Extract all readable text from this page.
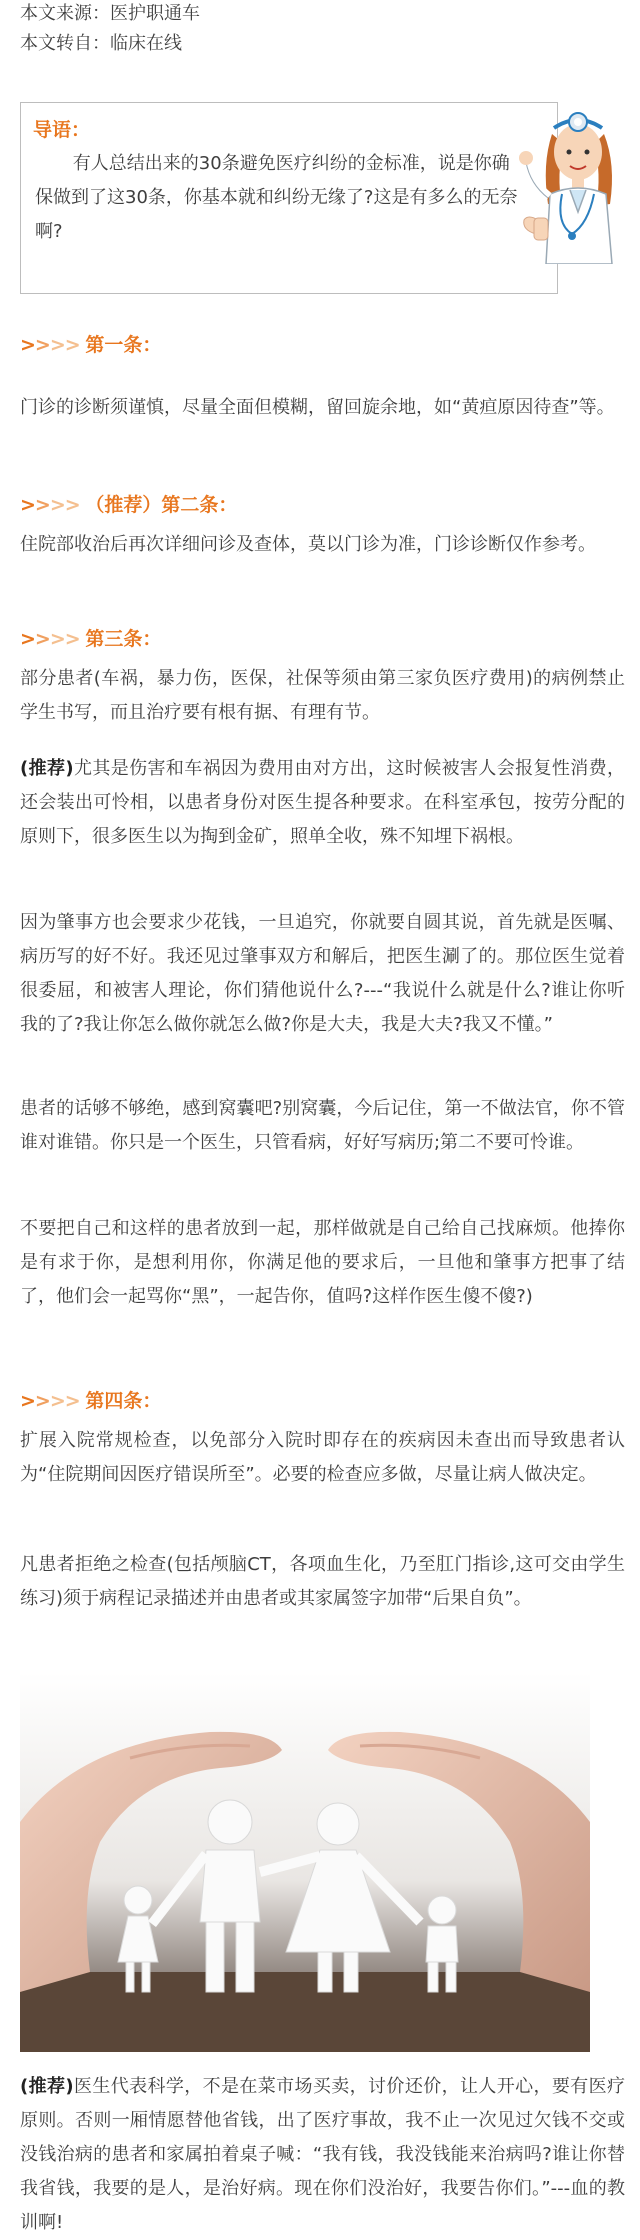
本文来源：医护职通车
本文转自：临床在线
导语：
有人总结出来的30条避免医疗纠纷的金标准，说是你确保做到了这30条，你基本就和纠纷无缘了?这是有多么的无奈啊?
>>>> 第一条：
门诊的诊断须谨慎，尽量全面但模糊，留回旋余地，如“黄疸原因待查”等。
>>>> （推荐）第二条：
住院部收治后再次详细问诊及查体，莫以门诊为准，门诊诊断仅作参考。
>>>> 第三条：
部分患者(车祸，暴力伤，医保，社保等须由第三家负医疗费用)的病例禁止学生书写，而且治疗要有根有据、有理有节。
(推荐)尤其是伤害和车祸因为费用由对方出，这时候被害人会报复性消费，还会装出可怜相，以患者身份对医生提各种要求。在科室承包，按劳分配的原则下，很多医生以为掏到金矿，照单全收，殊不知埋下祸根。
因为肇事方也会要求少花钱，一旦追究，你就要自圆其说，首先就是医嘱、病历写的好不好。我还见过肇事双方和解后，把医生涮了的。那位医生觉着很委屈，和被害人理论，你们猜他说什么?---“我说什么就是什么?谁让你听我的了?我让你怎么做你就怎么做?你是大夫，我是大夫?我又不懂。”
患者的话够不够绝，感到窝囊吧?别窝囊，今后记住，第一不做法官，你不管谁对谁错。你只是一个医生，只管看病，好好写病历;第二不要可怜谁。
不要把自己和这样的患者放到一起，那样做就是自己给自己找麻烦。他捧你是有求于你，是想利用你，你满足他的要求后，一旦他和肇事方把事了结了，他们会一起骂你“黑”，一起告你，值吗?这样作医生傻不傻?)
>>>> 第四条：
扩展入院常规检查，以免部分入院时即存在的疾病因未查出而导致患者认为“住院期间因医疗错误所至”。必要的检查应多做，尽量让病人做决定。
凡患者拒绝之检查(包括颅脑CT，各项血生化，乃至肛门指诊,这可交由学生练习)须于病程记录描述并由患者或其家属签字加带“后果自负”。
(推荐)医生代表科学，不是在菜市场买卖，讨价还价，让人开心，要有医疗原则。否则一厢情愿替他省钱，出了医疗事故，我不止一次见过欠钱不交或没钱治病的患者和家属拍着桌子喊：“我有钱，我没钱能来治病吗?谁让你替我省钱，我要的是人，是治好病。现在你们没治好，我要告你们。”---血的教训啊!
